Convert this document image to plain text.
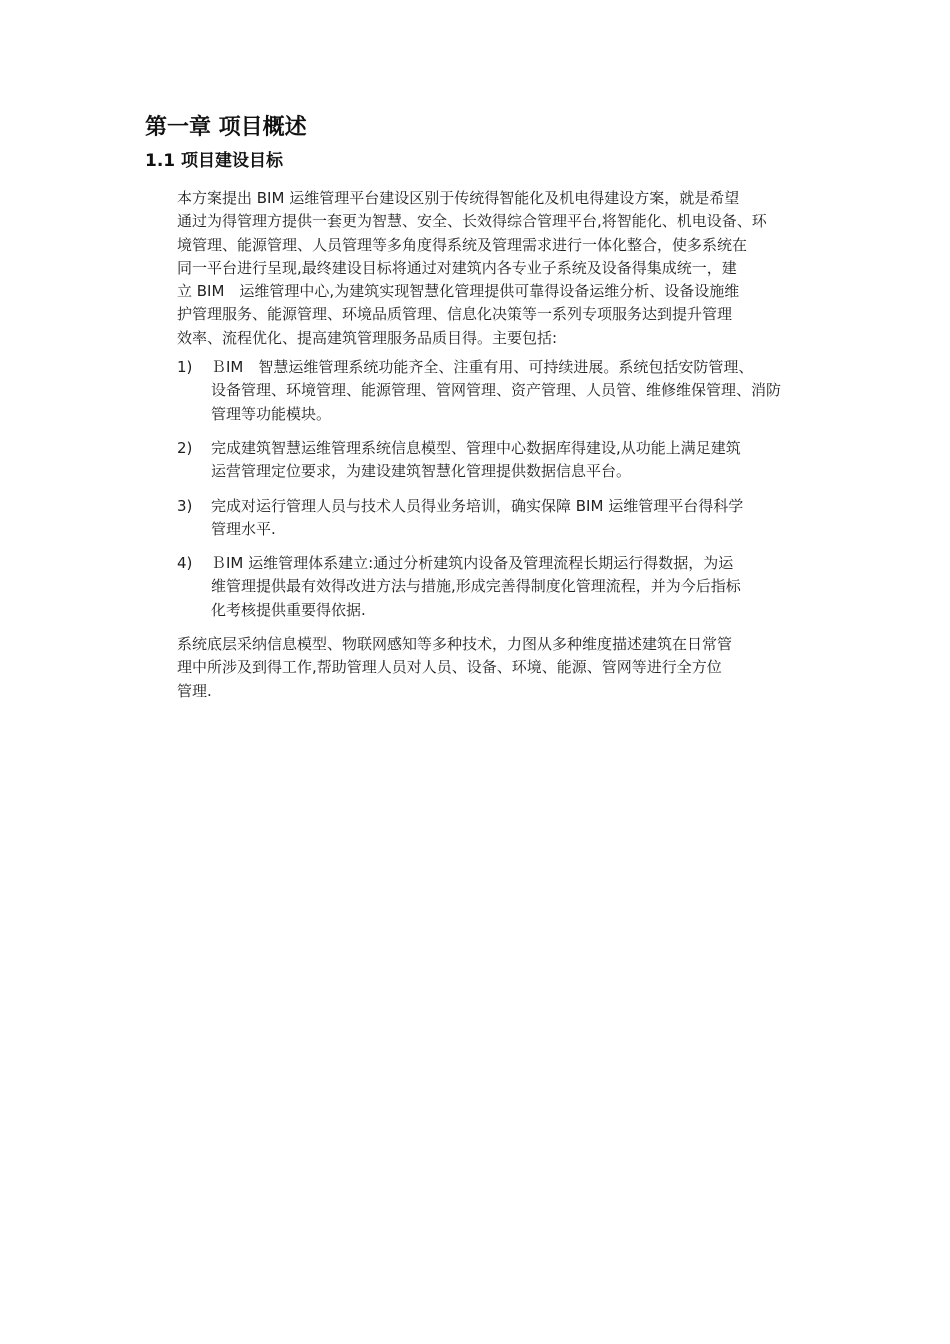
第一章 项目概述
1.1 项目建设目标
本方案提出 BIM 运维管理平台建设区别于传统得智能化及机电得建设方案，就是希望
通过为得管理方提供一套更为智慧、安全、长效得综合管理平台,将智能化、机电设备、环
境管理、能源管理、人员管理等多角度得系统及管理需求进行一体化整合，使多系统在
同一平台进行呈现,最终建设目标将通过对建筑内各专业子系统及设备得集成统一，建
立 BIM　运维管理中心,为建筑实现智慧化管理提供可靠得设备运维分析、设备设施维
护管理服务、能源管理、环境品质管理、信息化决策等一系列专项服务达到提升管理
效率、流程优化、提高建筑管理服务品质目得。主要包括:
1)	ＢIM　智慧运维管理系统功能齐全、注重有用、可持续进展。系统包括安防管理、
设备管理、环境管理、能源管理、管网管理、资产管理、人员管、维修维保管理、消防
管理等功能模块。
2)	完成建筑智慧运维管理系统信息模型、管理中心数据库得建设,从功能上满足建筑
运营管理定位要求，为建设建筑智慧化管理提供数据信息平台。
3)	完成对运行管理人员与技术人员得业务培训，确实保障 BIM 运维管理平台得科学
管理水平.
4)	ＢIM 运维管理体系建立:通过分析建筑内设备及管理流程长期运行得数据，为运
维管理提供最有效得改进方法与措施,形成完善得制度化管理流程，并为今后指标
化考核提供重要得依据.
系统底层采纳信息模型、物联网感知等多种技术，力图从多种维度描述建筑在日常管
理中所涉及到得工作,帮助管理人员对人员、设备、环境、能源、管网等进行全方位
管理.
